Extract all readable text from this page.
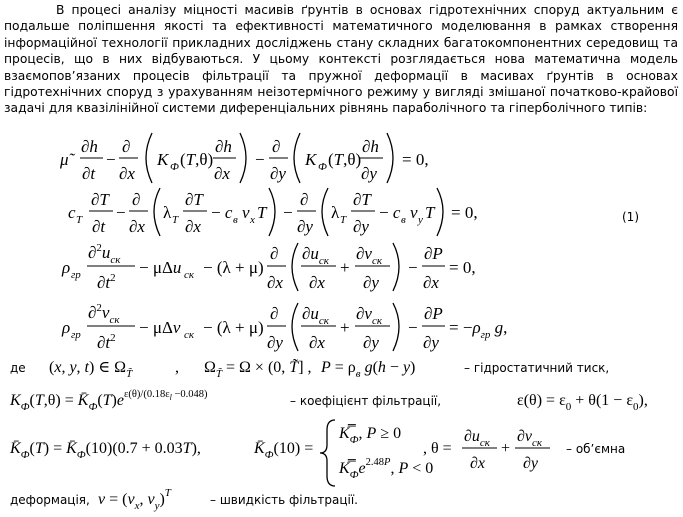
В процесі аналізу міцності масивів ґрунтів в основах гідротехнічних споруд актуальним є подальше поліпшення якості та ефективності математичного моделювання в рамках створення інформаційної технології прикладних досліджень стану складних багатокомпонентних середовищ та процесів, що в них відбуваються. У цьому контексті розглядається нова математична модель взаємопов’язаних процесів фільтрації та пружної деформації в масивах ґрунтів в основах гідротехнічних споруд з урахуванням неізотермічного режиму у вигляді змішаної початково-крайової задачі для квазілінійної системи диференціальних рівнянь параболічного та гіперболічного типів:
μ̃
∂h
∂t
−
∂
∂x
K Ф (T,θ)
∂h
∂x
−
∂
∂y
K Ф (T,θ)
∂h
∂y
= 0,
c T
∂T
∂t
−
∂
∂x
λ T
∂T
∂x
− c в v x T −
∂
∂y
λ T
∂T
∂y
− c в v y T = 0,	(1)
ρ гр
$\partial^2u_{ск}$
$\partial t^2$
− μΔu ск − (λ + μ)
∂
∂x
$\partial u_{ск}$
∂x
+
$\partial v_{ск}$
∂y
−
∂P
∂x
= 0,
ρ гр
$\partial^2v_{ск}$
$\partial t^2$
− μΔv ск − (λ + μ)
∂
∂y
$\partial u_{ск}$
∂x
+
$\partial v_{ск}$
∂y
−
∂P
∂y
= $-\rho_{гр}$ g,
де (x, y, t) ∈ $\Omega_{T̃}$	, $\Omega_{T̃} = \Omega \times (0$, T̃] , $P = \rho_в$ g(h − y)	– гідростатичний тиск,
$K_Ф(T,\theta)$ = $K̄_Ф(T)e^{\varepsilon(\theta)/(0.18\varepsilon_l -0.048)}$	– коефіцієнт фільтрації,	$\varepsilon(\theta) = \varepsilon_0 + \theta(1 - \varepsilon_0)$,
$K̄_Ф(T)$ = $K̄_Ф(10)(0.7 + 0.03T)$,	$K̄_Ф(10)$ =
$K̿_Ф$, P ≥ 0
$K̿_Фe^{2.48P}$, P < 0
, θ =
$\partial u_{ск}$
∂x
+
$\partial v_{ск}$
∂y
– об’ємна
деформація, $v = (v_x$, $v_y)^T$	– швидкість фільтрації.
